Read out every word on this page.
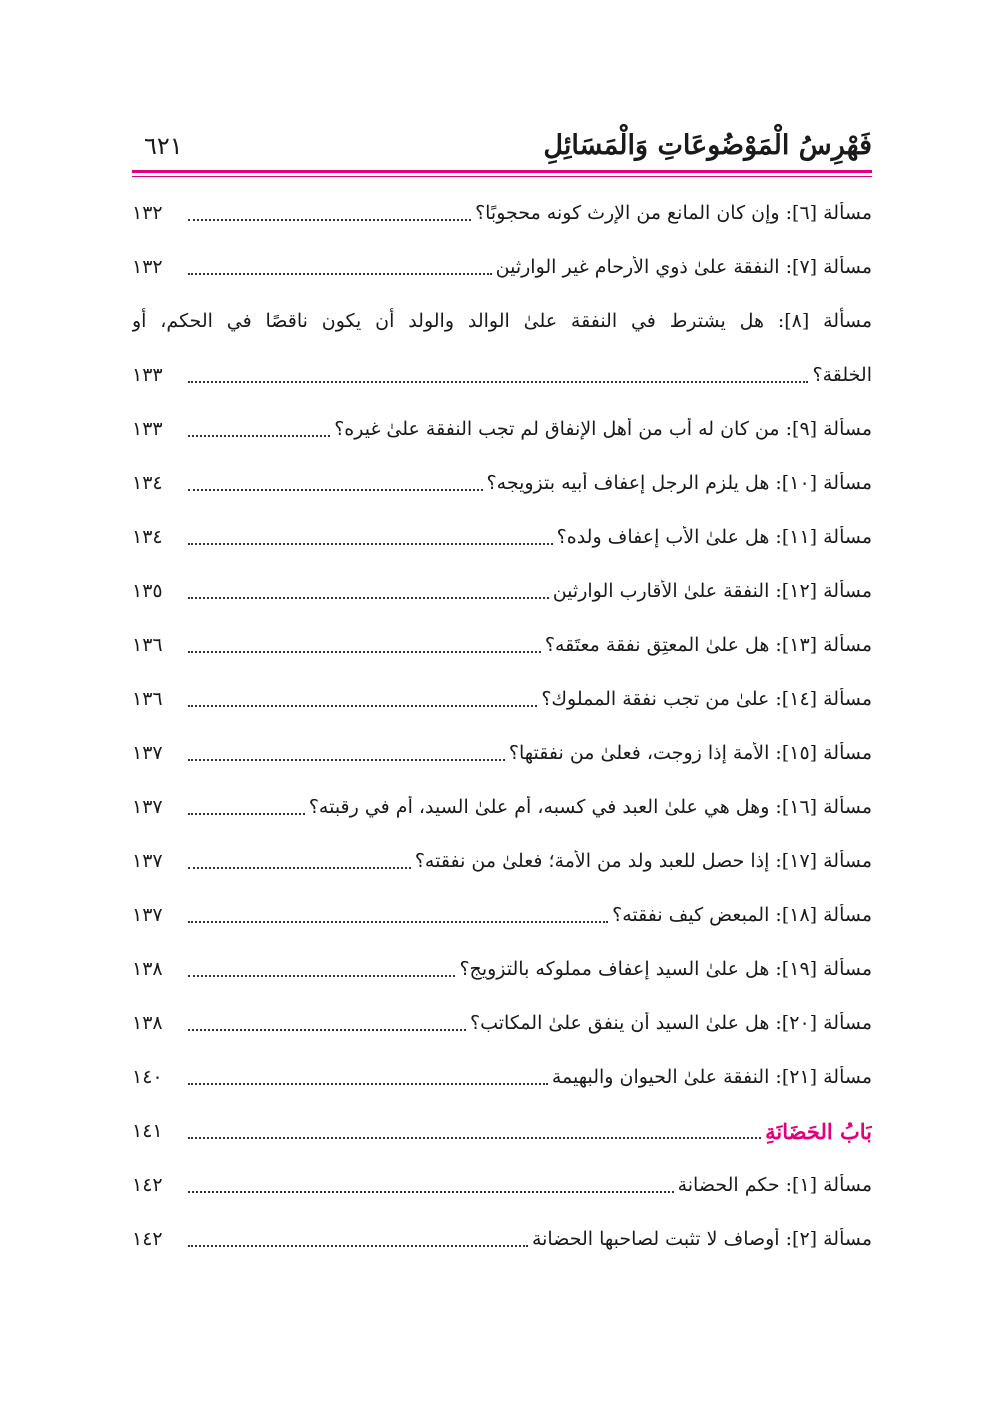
فَهْرِسُ الْمَوْضُوعَاتِ وَالْمَسَائِلِ
٦٢١
مسألة [٦]: وإن كان المانع من الإرث كونه محجوبًا؟
١٣٢
مسألة [٧]: النفقة علىٰ ذوي الأرحام غير الوارثين
١٣٢
مسألة [٨]: هل يشترط في النفقة علىٰ الوالد والولد أن يكون ناقصًا في الحكم، أو
الخلقة؟
١٣٣
مسألة [٩]: من كان له أب من أهل الإنفاق لم تجب النفقة علىٰ غيره؟
١٣٣
مسألة [١٠]: هل يلزم الرجل إعفاف أبيه بتزويجه؟
١٣٤
مسألة [١١]: هل علىٰ الأب إعفاف ولده؟
١٣٤
مسألة [١٢]: النفقة علىٰ الأقارب الوارثين
١٣٥
مسألة [١٣]: هل علىٰ المعتِق نفقة معتَقه؟
١٣٦
مسألة [١٤]: علىٰ من تجب نفقة المملوك؟
١٣٦
مسألة [١٥]: الأمة إذا زوجت، فعلىٰ من نفقتها؟
١٣٧
مسألة [١٦]: وهل هي علىٰ العبد في كسبه، أم علىٰ السيد، أم في رقبته؟
١٣٧
مسألة [١٧]: إذا حصل للعبد ولد من الأمة؛ فعلىٰ من نفقته؟
١٣٧
مسألة [١٨]: المبعض كيف نفقته؟
١٣٧
مسألة [١٩]: هل علىٰ السيد إعفاف مملوكه بالتزويج؟
١٣٨
مسألة [٢٠]: هل علىٰ السيد أن ينفق علىٰ المكاتب؟
١٣٨
مسألة [٢١]: النفقة علىٰ الحيوان والبهيمة
١٤٠
بَابُ الحَضَانَةِ
١٤١
مسألة [١]: حكم الحضانة
١٤٢
مسألة [٢]: أوصاف لا تثبت لصاحبها الحضانة
١٤٢
